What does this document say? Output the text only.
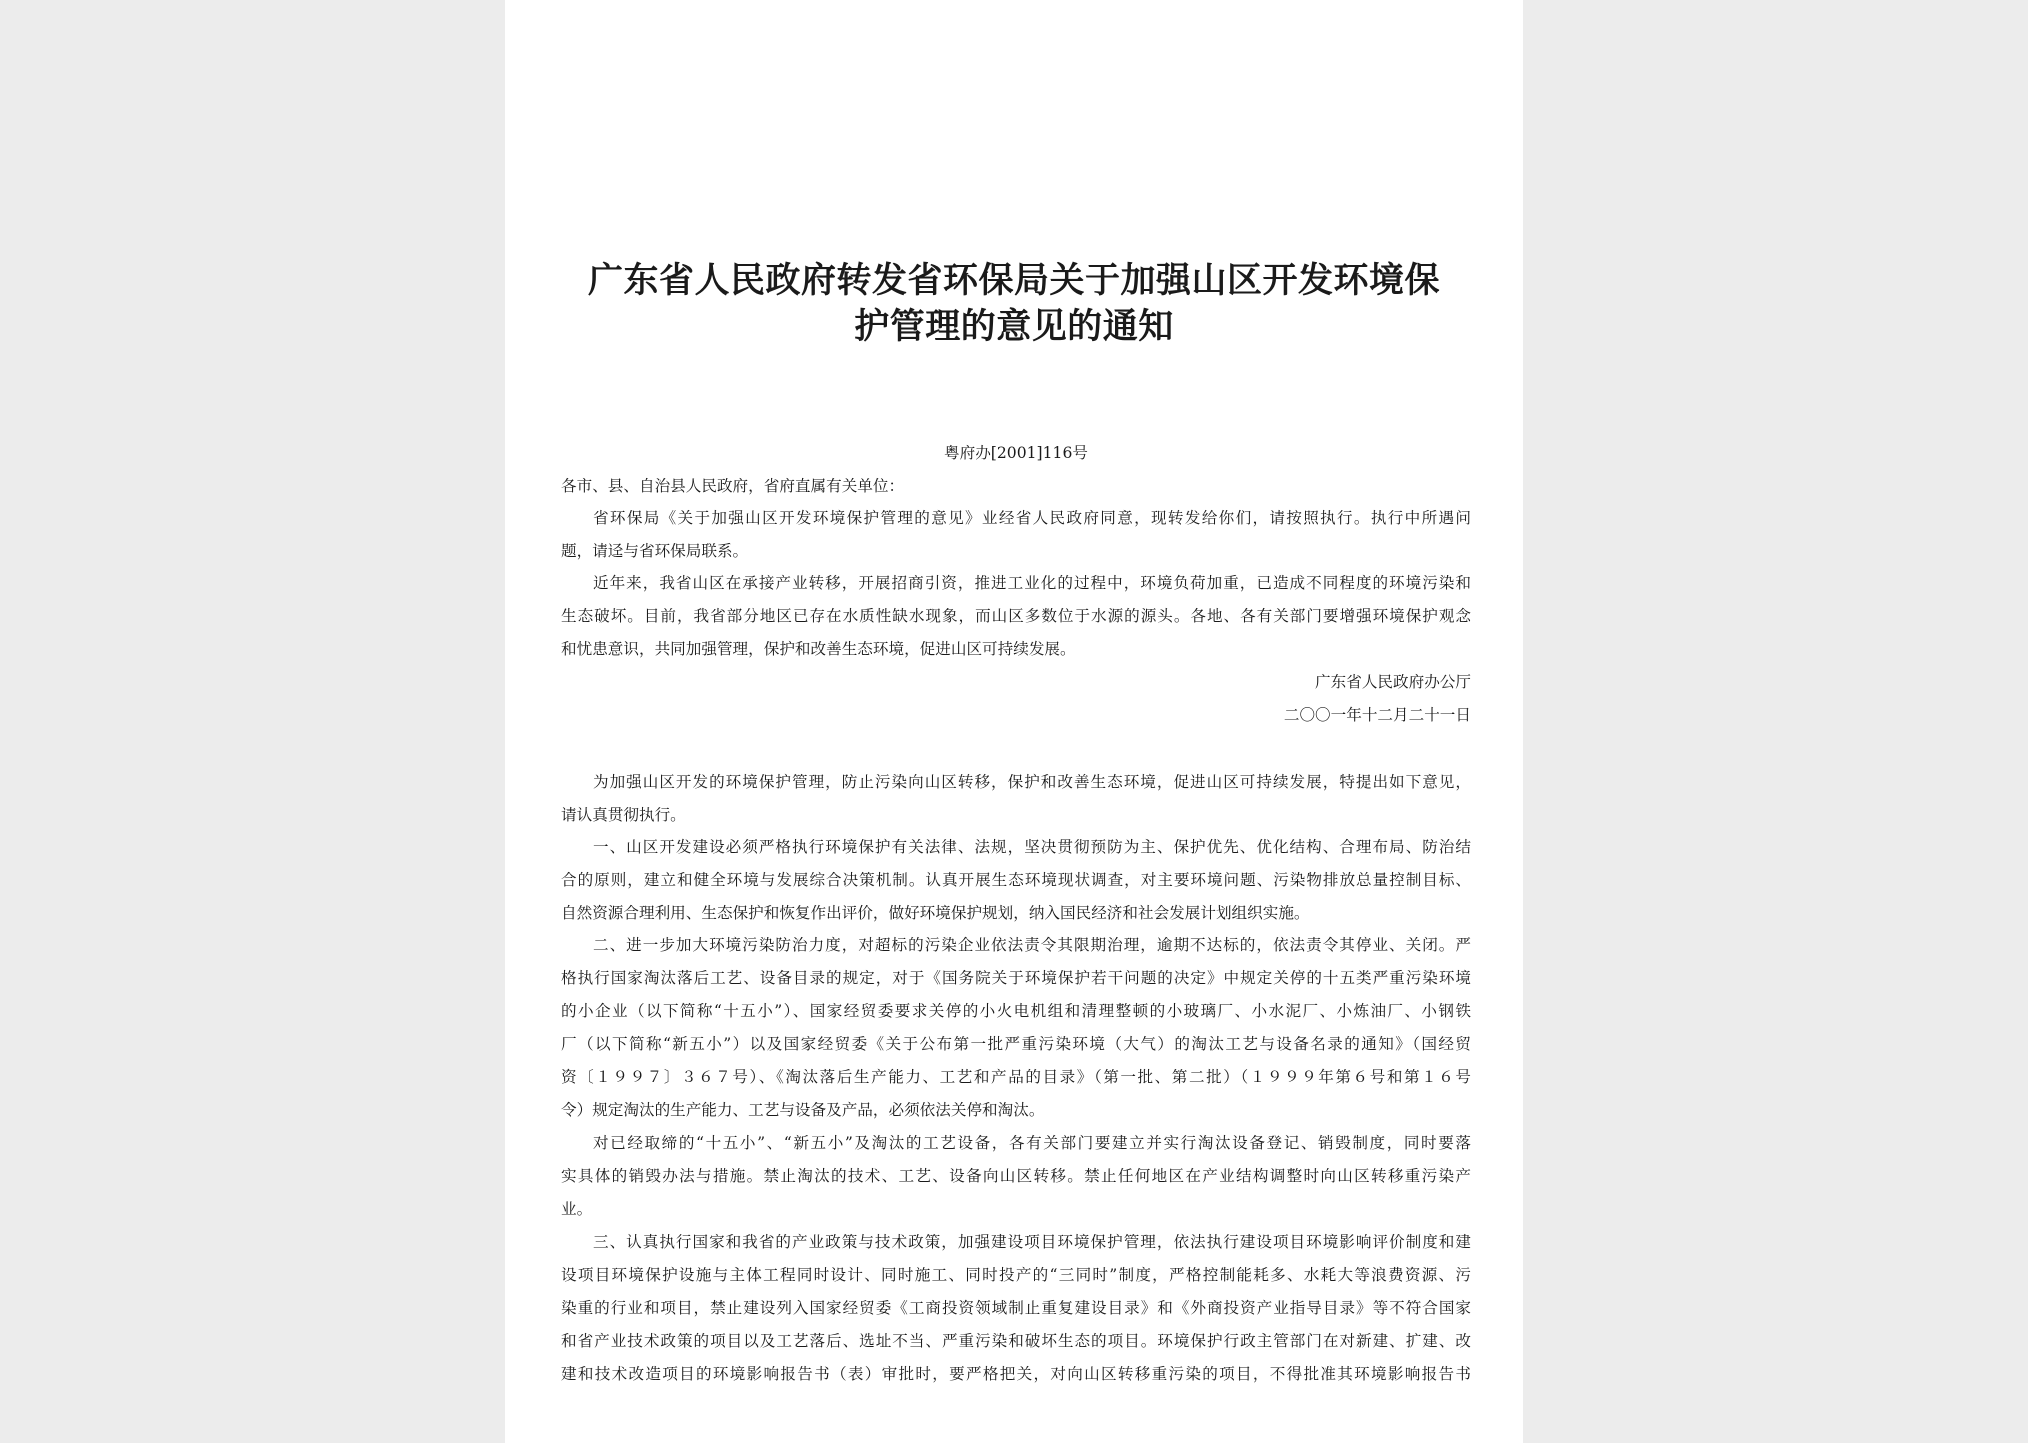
广东省人民政府转发省环保局关于加强山区开发环境保
护管理的意见的通知
粤府办[2001]116号
各市、县、自治县人民政府，省府直属有关单位：
省环保局《关于加强山区开发环境保护管理的意见》业经省人民政府同意，现转发给你们，请按照执行。执行中所遇问
题，请迳与省环保局联系。
近年来，我省山区在承接产业转移，开展招商引资，推进工业化的过程中，环境负荷加重，已造成不同程度的环境污染和
生态破坏。目前，我省部分地区已存在水质性缺水现象，而山区多数位于水源的源头。各地、各有关部门要增强环境保护观念
和忧患意识，共同加强管理，保护和改善生态环境，促进山区可持续发展。
广东省人民政府办公厅
二〇〇一年十二月二十一日
为加强山区开发的环境保护管理，防止污染向山区转移，保护和改善生态环境，促进山区可持续发展，特提出如下意见，
请认真贯彻执行。
一、山区开发建设必须严格执行环境保护有关法律、法规，坚决贯彻预防为主、保护优先、优化结构、合理布局、防治结
合的原则，建立和健全环境与发展综合决策机制。认真开展生态环境现状调查，对主要环境问题、污染物排放总量控制目标、
自然资源合理利用、生态保护和恢复作出评价，做好环境保护规划，纳入国民经济和社会发展计划组织实施。
二、进一步加大环境污染防治力度，对超标的污染企业依法责令其限期治理，逾期不达标的，依法责令其停业、关闭。严
格执行国家淘汰落后工艺、设备目录的规定，对于《国务院关于环境保护若干问题的决定》中规定关停的十五类严重污染环境
的小企业（以下简称“十五小”）、国家经贸委要求关停的小火电机组和清理整顿的小玻璃厂、小水泥厂、小炼油厂、小钢铁
厂（以下简称“新五小”）以及国家经贸委《关于公布第一批严重污染环境（大气）的淘汰工艺与设备名录的通知》（国经贸
资〔１９９７〕３６７号）、《淘汰落后生产能力、工艺和产品的目录》（第一批、第二批）（１９９９年第６号和第１６号
令）规定淘汰的生产能力、工艺与设备及产品，必须依法关停和淘汰。
对已经取缔的“十五小”、“新五小”及淘汰的工艺设备，各有关部门要建立并实行淘汰设备登记、销毁制度，同时要落
实具体的销毁办法与措施。禁止淘汰的技术、工艺、设备向山区转移。禁止任何地区在产业结构调整时向山区转移重污染产
业。
三、认真执行国家和我省的产业政策与技术政策，加强建设项目环境保护管理，依法执行建设项目环境影响评价制度和建
设项目环境保护设施与主体工程同时设计、同时施工、同时投产的“三同时”制度，严格控制能耗多、水耗大等浪费资源、污
染重的行业和项目，禁止建设列入国家经贸委《工商投资领域制止重复建设目录》和《外商投资产业指导目录》等不符合国家
和省产业技术政策的项目以及工艺落后、选址不当、严重污染和破坏生态的项目。环境保护行政主管部门在对新建、扩建、改
建和技术改造项目的环境影响报告书（表）审批时，要严格把关，对向山区转移重污染的项目，不得批准其环境影响报告书
